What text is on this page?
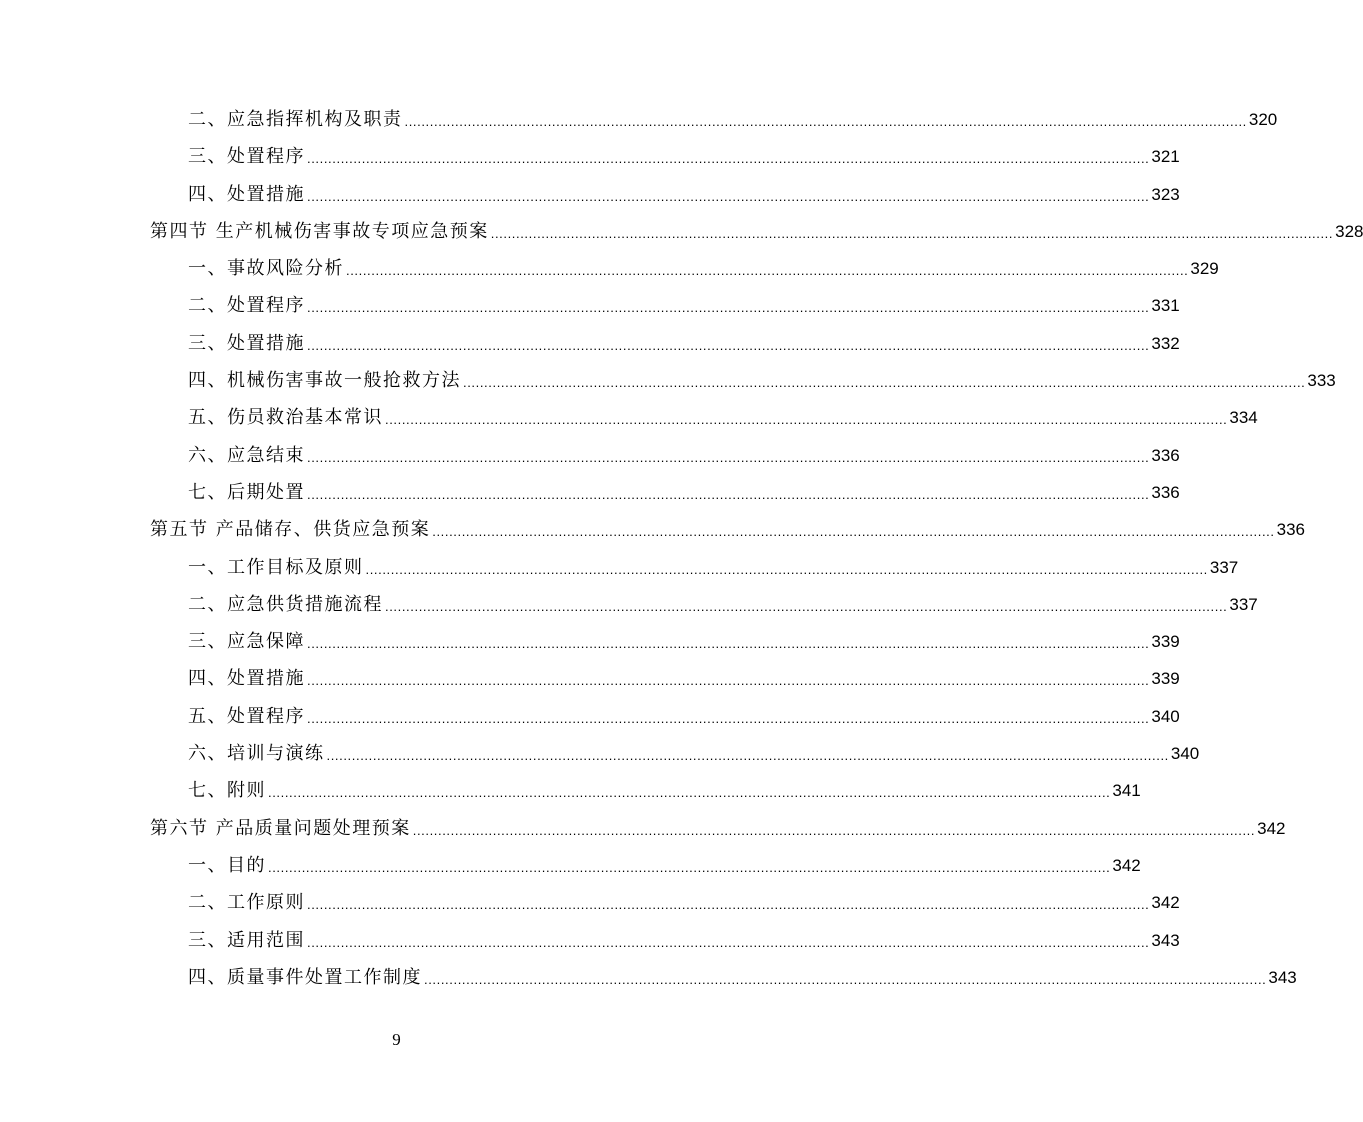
二、应急指挥机构及职责 ........................................................................................................................................................................................................ 320
三、处置程序 ........................................................................................................................................................................................................ 321
四、处置措施 ........................................................................................................................................................................................................ 323
第四节 生产机械伤害事故专项应急预案 ........................................................................................................................................................................................................ 328
一、事故风险分析 ........................................................................................................................................................................................................ 329
二、处置程序 ........................................................................................................................................................................................................ 331
三、处置措施 ........................................................................................................................................................................................................ 332
四、机械伤害事故一般抢救方法 ........................................................................................................................................................................................................ 333
五、伤员救治基本常识 ........................................................................................................................................................................................................ 334
六、应急结束 ........................................................................................................................................................................................................ 336
七、后期处置 ........................................................................................................................................................................................................ 336
第五节 产品储存、供货应急预案 ........................................................................................................................................................................................................ 336
一、工作目标及原则 ........................................................................................................................................................................................................ 337
二、应急供货措施流程 ........................................................................................................................................................................................................ 337
三、应急保障 ........................................................................................................................................................................................................ 339
四、处置措施 ........................................................................................................................................................................................................ 339
五、处置程序 ........................................................................................................................................................................................................ 340
六、培训与演练 ........................................................................................................................................................................................................ 340
七、附则 ........................................................................................................................................................................................................ 341
第六节 产品质量问题处理预案 ........................................................................................................................................................................................................ 342
一、目的 ........................................................................................................................................................................................................ 342
二、工作原则 ........................................................................................................................................................................................................ 342
三、适用范围 ........................................................................................................................................................................................................ 343
四、质量事件处置工作制度 ........................................................................................................................................................................................................ 343
9
